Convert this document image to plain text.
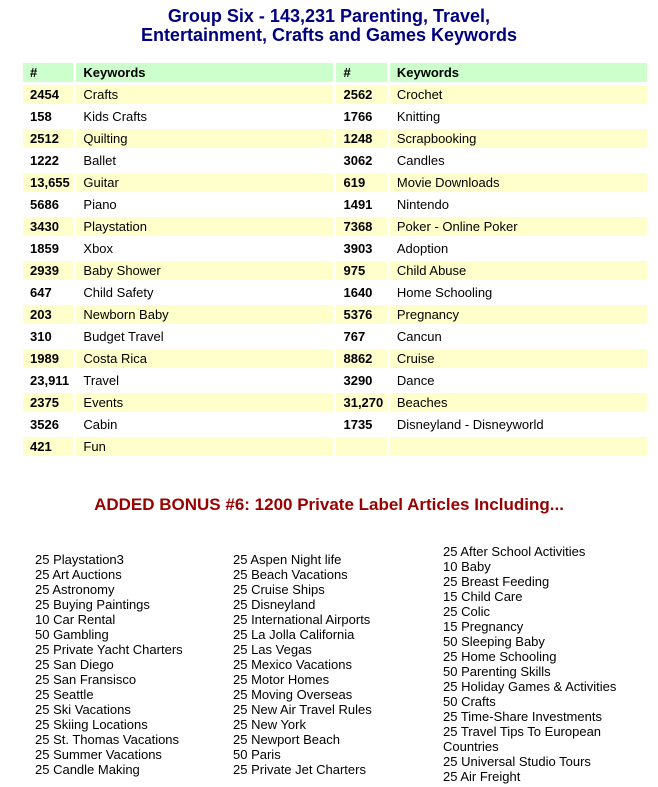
Group Six - 143,231 Parenting, Travel,
Entertainment, Crafts and Games Keywords
#	Keywords	#	Keywords
2454	Crafts	2562	Crochet
158	Kids Crafts	1766	Knitting
2512	Quilting	1248	Scrapbooking
1222	Ballet	3062	Candles
13,655	Guitar	619	Movie Downloads
5686	Piano	1491	Nintendo
3430	Playstation	7368	Poker - Online Poker
1859	Xbox	3903	Adoption
2939	Baby Shower	975	Child Abuse
647	Child Safety	1640	Home Schooling
203	Newborn Baby	5376	Pregnancy
310	Budget Travel	767	Cancun
1989	Costa Rica	8862	Cruise
23,911	Travel	3290	Dance
2375	Events	31,270	Beaches
3526	Cabin	1735	Disneyland - Disneyworld
421	Fun		
ADDED BONUS #6: 1200 Private Label Articles Including...
25 Playstation3
25 Art Auctions
25 Astronomy
25 Buying Paintings
10 Car Rental
50 Gambling
25 Private Yacht Charters
25 San Diego
25 San Fransisco
25 Seattle
25 Ski Vacations
25 Skiing Locations
25 St. Thomas Vacations
25 Summer Vacations
25 Candle Making
25 Aspen Night life
25 Beach Vacations
25 Cruise Ships
25 Disneyland
25 International Airports
25 La Jolla California
25 Las Vegas
25 Mexico Vacations
25 Motor Homes
25 Moving Overseas
25 New Air Travel Rules
25 New York
25 Newport Beach
50 Paris
25 Private Jet Charters
25 After School Activities
10 Baby
25 Breast Feeding
15 Child Care
25 Colic
15 Pregnancy
50 Sleeping Baby
25 Home Schooling
50 Parenting Skills
25 Holiday Games & Activities
50 Crafts
25 Time-Share Investments
25 Travel Tips To European Countries
25 Universal Studio Tours
25 Air Freight
